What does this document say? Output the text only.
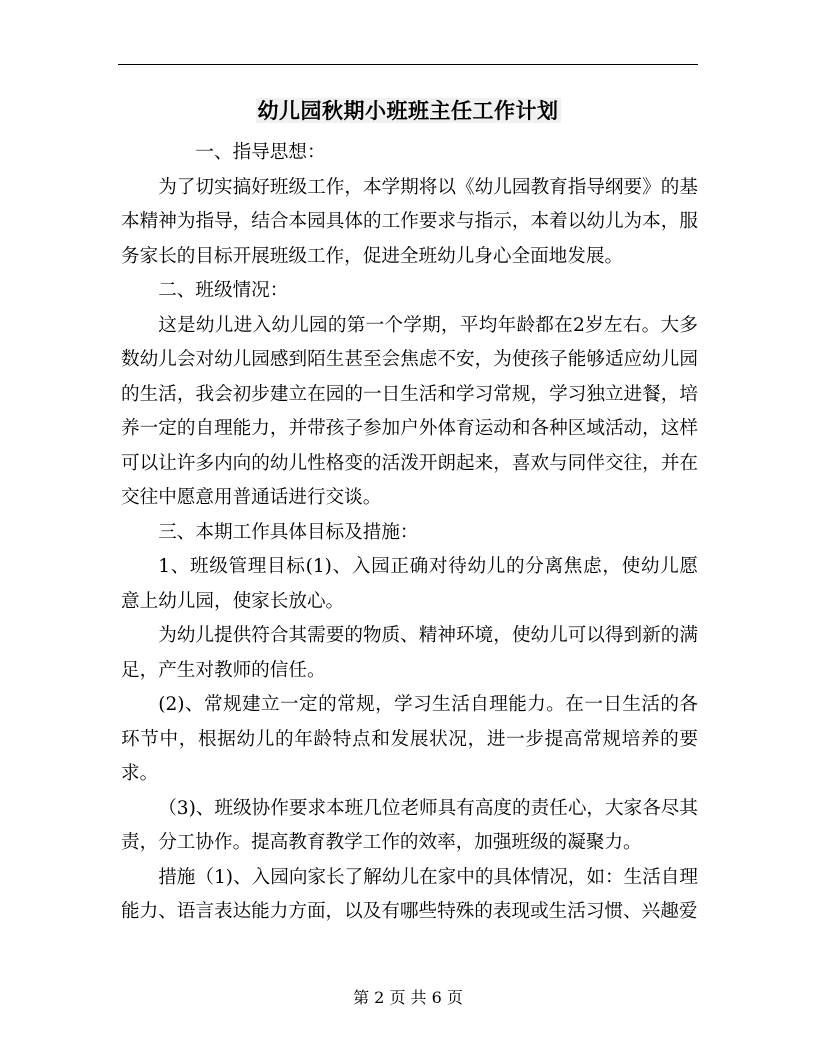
幼儿园秋期小班班主任工作计划

一、指导思想：

为了切实搞好班级工作，本学期将以《幼儿园教育指导纲要》的基本精神为指导，结合本园具体的工作要求与指示，本着以幼儿为本，服务家长的目标开展班级工作，促进全班幼儿身心全面地发展。

二、班级情况：

这是幼儿进入幼儿园的第一个学期，平均年龄都在2岁左右。大多数幼儿会对幼儿园感到陌生甚至会焦虑不安，为使孩子能够适应幼儿园的生活，我会初步建立在园的一日生活和学习常规，学习独立进餐，培养一定的自理能力，并带孩子参加户外体育运动和各种区域活动，这样可以让许多内向的幼儿性格变的活泼开朗起来，喜欢与同伴交往，并在交往中愿意用普通话进行交谈。

三、本期工作具体目标及措施：

1、班级管理目标(1)、入园正确对待幼儿的分离焦虑，使幼儿愿意上幼儿园，使家长放心。

为幼儿提供符合其需要的物质、精神环境，使幼儿可以得到新的满足，产生对教师的信任。

(2)、常规建立一定的常规，学习生活自理能力。在一日生活的各环节中，根据幼儿的年龄特点和发展状况，进一步提高常规培养的要求。

（3)、班级协作要求本班几位老师具有高度的责任心，大家各尽其责，分工协作。提高教育教学工作的效率，加强班级的凝聚力。

措施（1)、入园向家长了解幼儿在家中的具体情况，如：生活自理能力、语言表达能力方面，以及有哪些特殊的表现或生活习惯、兴趣爱

第 2 页 共 6 页
